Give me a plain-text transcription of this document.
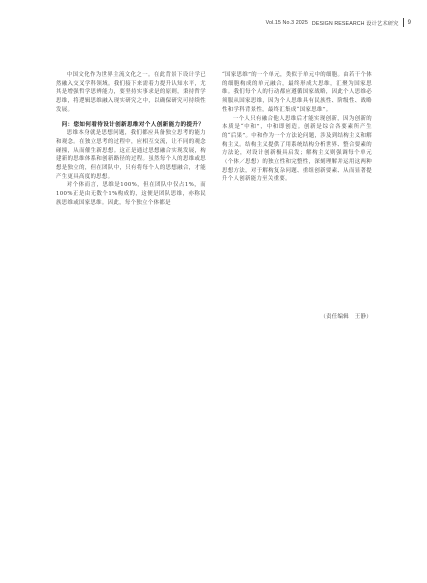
Vol.15 No.3 2025 DESIGN RESEARCH 设计艺术研究 9

中国文化作为世界主流文化之一。在此背景下设计学已然融入交叉学科领域。我们接下来需着力提升认知水平，尤其是增强哲学思辨能力，要坚持实事求是的原则，秉持哲学思维，将逻辑思维融入现实研究之中，以确保研究可持续性发展。

问：您如何看待设计创新思维对个人创新能力的提升？

思维本身就是思想问题，我们都应具备独立思考的能力和观念。在独立思考的过程中，应相互交流，让不同的观念碰撞，从而催生新思想。这正是通过思想融合实现发展，构建新的思维体系和创新路径的过程。虽然每个人的思维或思想是独立的，但在团队中，只有将每个人的思想融合，才能产生更具高度的思想。

对个体而言，思维是100%，但在团队中仅占1%，而100%正是由无数个1%构成的，这便是团队思维，亦称民族思维或国家思维。因此，每个独立个体都是

“国家思维”的一个单元，类似于单元中的细胞。由若干个体的细胞构成的单元融合，最终形成大思维，汇聚为国家思维。我们每个人的行动都应遵循国家战略，因此个人思维必须服从国家思维，因为个人思维具有民族性、阶级性、战略性和学科背景性，最终汇集成“国家思维”。

一个人只有融合他人思维后才能实现创新，因为创新的本质是“中和”，中和即创造。创新是综合各要素所产生的“后果”。中和作为一个方法论问题，涉及到结构主义和解构主义。结构主义提供了用系统结构分析世界、整合要素的方法论，对设计创新极具启发；解构主义则强调每个单元（个体／思想）的独立性和完整性，深刻理解并运用这两种思想方法，对于解构复杂问题、重组创新要素、从而显著提升个人创新能力至关重要。

（责任编辑　王静）
